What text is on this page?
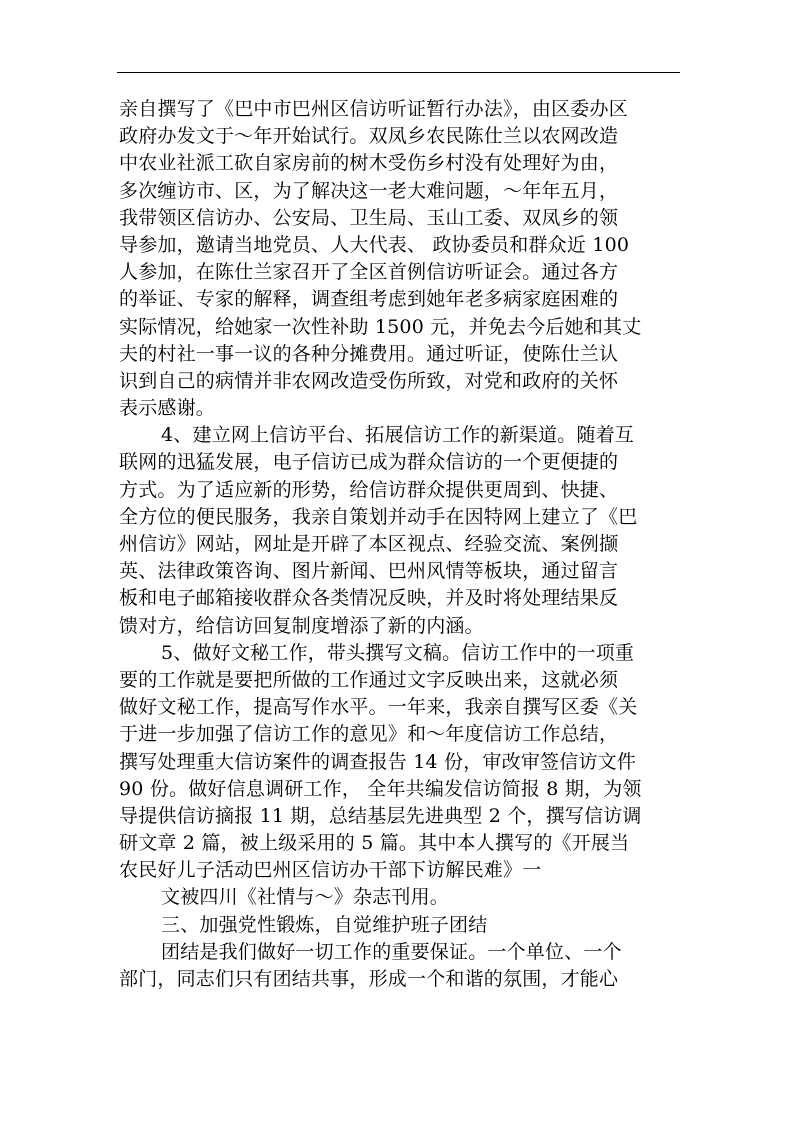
亲自撰写了《巴中市巴州区信访听证暂行办法》，由区委办区
政府办发文于～年开始试行。双凤乡农民陈仕兰以农网改造
中农业社派工砍自家房前的树木受伤乡村没有处理好为由，
多次缠访市、区，为了解决这一老大难问题，～年年五月，
我带领区信访办、公安局、卫生局、玉山工委、双凤乡的领
导参加，邀请当地党员、人大代表、 政协委员和群众近 100
人参加，在陈仕兰家召开了全区首例信访听证会。通过各方
的举证、专家的解释，调查组考虑到她年老多病家庭困难的
实际情况，给她家一次性补助 1500 元，并免去今后她和其丈
夫的村社一事一议的各种分摊费用。通过听证，使陈仕兰认
识到自己的病情并非农网改造受伤所致，对党和政府的关怀
表示感谢。
4、建立网上信访平台、拓展信访工作的新渠道。随着互
联网的迅猛发展，电子信访已成为群众信访的一个更便捷的
方式。为了适应新的形势，给信访群众提供更周到、快捷、
全方位的便民服务，我亲自策划并动手在因特网上建立了《巴
州信访》网站，网址是开辟了本区视点、经验交流、案例撷
英、法律政策咨询、图片新闻、巴州风情等板块，通过留言
板和电子邮箱接收群众各类情况反映，并及时将处理结果反
馈对方，给信访回复制度增添了新的内涵。
5、做好文秘工作，带头撰写文稿。信访工作中的一项重
要的工作就是要把所做的工作通过文字反映出来，这就必须
做好文秘工作，提高写作水平。一年来，我亲自撰写区委《关
于进一步加强了信访工作的意见》和～年度信访工作总结，
撰写处理重大信访案件的调查报告 14 份，审改审签信访文件
90 份。做好信息调研工作， 全年共编发信访简报 8 期，为领
导提供信访摘报 11 期，总结基层先进典型 2 个，撰写信访调
研文章 2 篇，被上级采用的 5 篇。其中本人撰写的《开展当
农民好儿子活动巴州区信访办干部下访解民难》一
文被四川《社情与～》杂志刊用。
三、加强党性锻炼，自觉维护班子团结
团结是我们做好一切工作的重要保证。一个单位、一个
部门，同志们只有团结共事，形成一个和谐的氛围，才能心
